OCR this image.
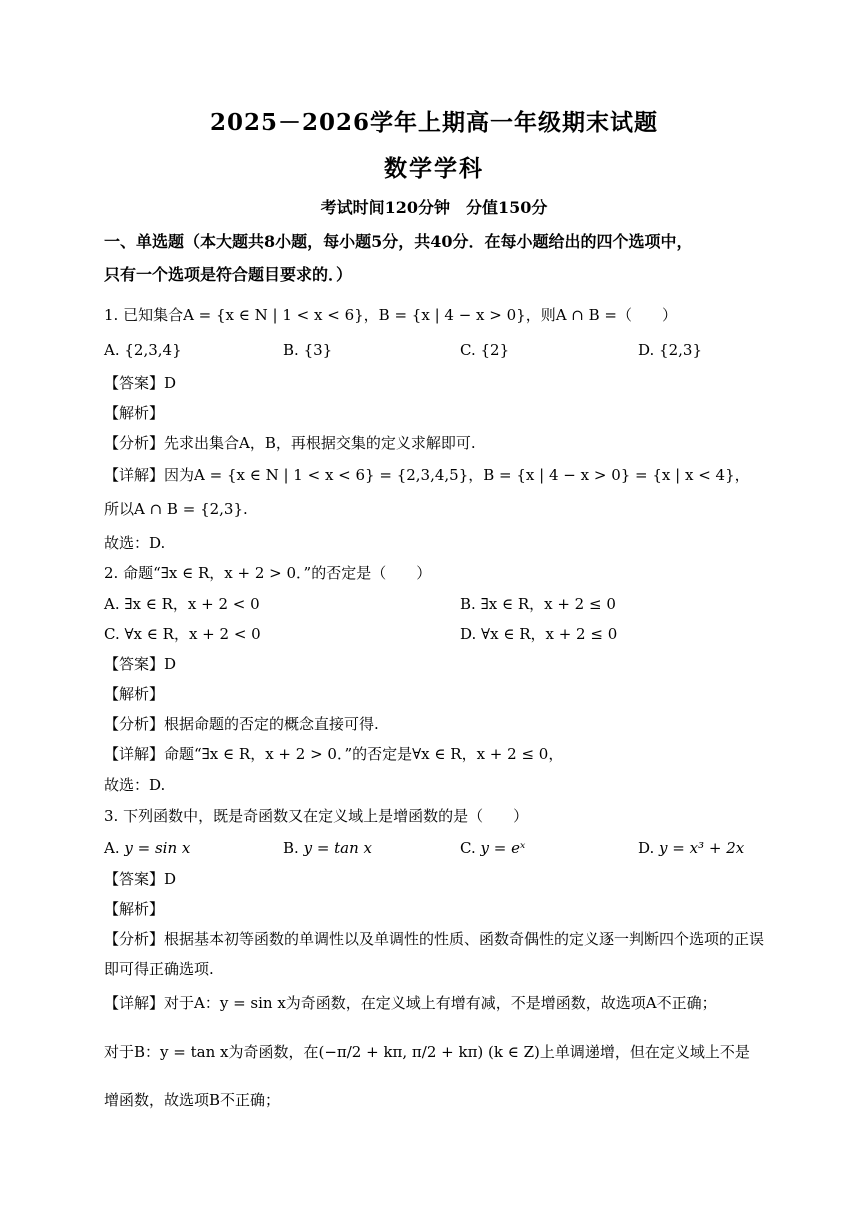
2025－2026学年上期高一年级期末试题
数学学科
考试时间120分钟　分值150分
一、单选题（本大题共8小题，每小题5分，共40分．在每小题给出的四个选项中，
只有一个选项是符合题目要求的．）
1. 已知集合A = {x ∈ N | 1 < x < 6}，B = {x | 4 − x > 0}，则A ∩ B =（　　）
A. {2,3,4}	B. {3}	C. {2}	D. {2,3}
【答案】D
【解析】
【分析】先求出集合A，B，再根据交集的定义求解即可.
【详解】因为A = {x ∈ N | 1 < x < 6} = {2,3,4,5}，B = {x | 4 − x > 0} = {x | x < 4}，
所以A ∩ B = {2,3}.
故选：D.
2. 命题“∃x ∈ R，x + 2 > 0．”的否定是（　　）
A. ∃x ∈ R，x + 2 < 0	B. ∃x ∈ R，x + 2 ≤ 0
C. ∀x ∈ R，x + 2 < 0	D. ∀x ∈ R，x + 2 ≤ 0
【答案】D
【解析】
【分析】根据命题的否定的概念直接可得.
【详解】命题“∃x ∈ R，x + 2 > 0．”的否定是∀x ∈ R，x + 2 ≤ 0，
故选：D.
3. 下列函数中，既是奇函数又在定义域上是增函数的是（　　）
A. y = sin x	B. y = tan x	C. y = eˣ	D. y = x³ + 2x
【答案】D
【解析】
【分析】根据基本初等函数的单调性以及单调性的性质、函数奇偶性的定义逐一判断四个选项的正误即可得正确选项.
【详解】对于A：y = sin x为奇函数，在定义域上有增有减，不是增函数，故选项A不正确；
对于B：y = tan x为奇函数，在(−π/2 + kπ, π/2 + kπ) (k ∈ Z)上单调递增，但在定义域上不是增函数，故选项B不正确；
